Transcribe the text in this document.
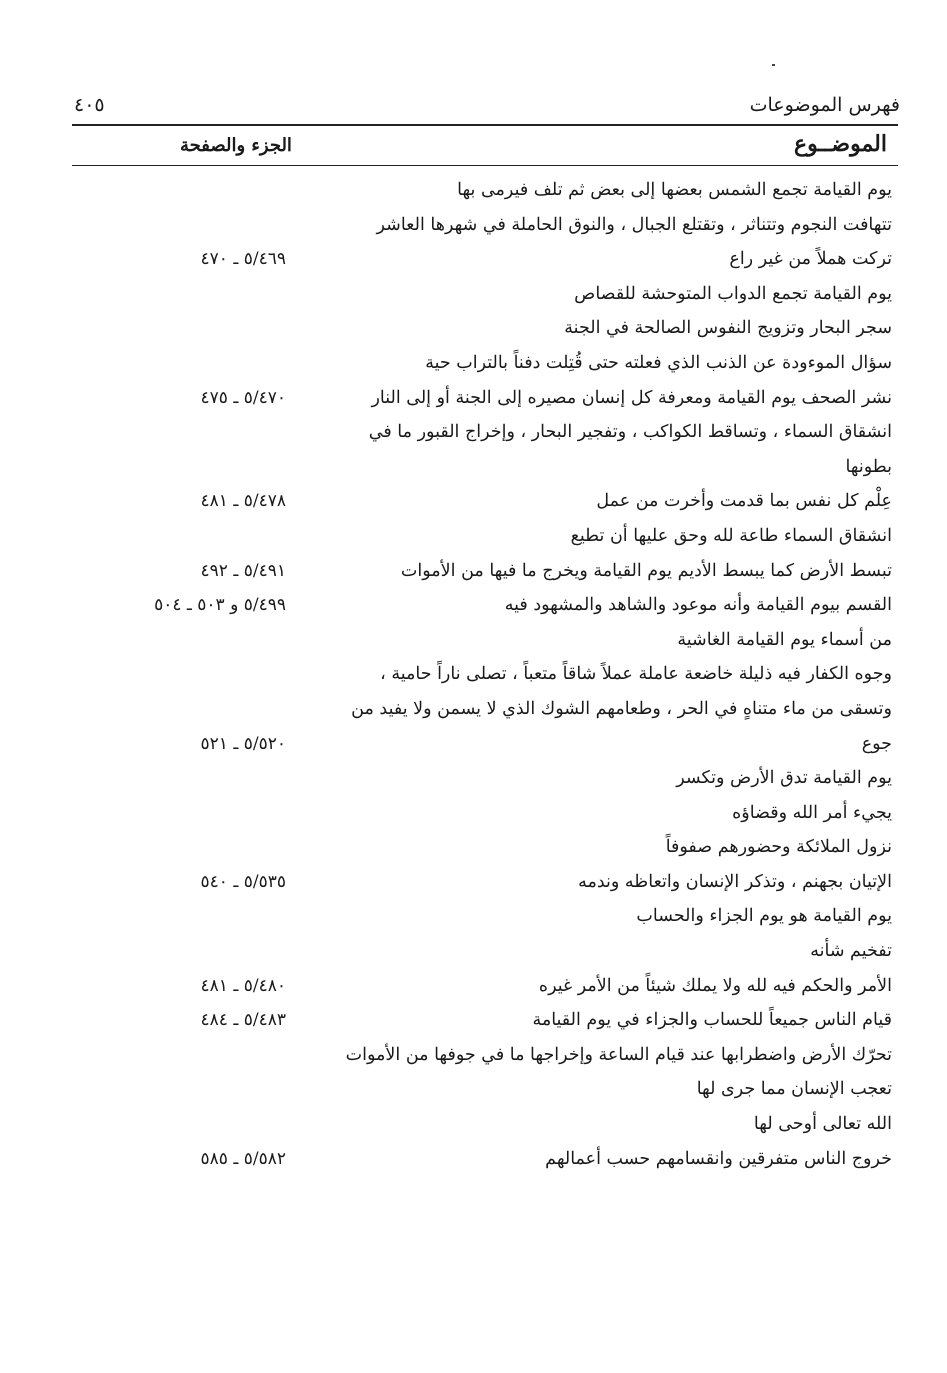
فهرس الموضوعات
٤٠٥
الموضــوع
الجزء والصفحة
يوم القيامة تجمع الشمس بعضها إلى بعض ثم تلف فيرمى بها
تتهافت النجوم وتتناثر ، وتقتلع الجبال ، والنوق الحاملة في شهرها العاشر
تركت هملاً من غير راع
٥/٤٦٩ ـ ٤٧٠
يوم القيامة تجمع الدواب المتوحشة للقصاص
سجر البحار وتزويج النفوس الصالحة في الجنة
سؤال الموءودة عن الذنب الذي فعلته حتى قُتِلت دفناً بالتراب حية
نشر الصحف يوم القيامة ومعرفة كل إنسان مصيره إلى الجنة أو إلى النار
٥/٤٧٠ ـ ٤٧٥
انشقاق السماء ، وتساقط الكواكب ، وتفجير البحار ، وإخراج القبور ما في
بطونها
عِلْم كل نفس بما قدمت وأخرت من عمل
٥/٤٧٨ ـ ٤٨١
انشقاق السماء طاعة لله وحق عليها أن تطيع
تبسط الأرض كما يبسط الأديم يوم القيامة ويخرج ما فيها من الأموات
٥/٤٩١ ـ ٤٩٢
القسم بيوم القيامة وأنه موعود والشاهد والمشهود فيه
٥/٤٩٩ و ٥٠٣ ـ ٥٠٤
من أسماء يوم القيامة الغاشية
وجوه الكفار فيه ذليلة خاضعة عاملة عملاً شاقاً متعباً ، تصلى ناراً حامية ،
وتسقى من ماء متناهٍ في الحر ، وطعامهم الشوك الذي لا يسمن ولا يفيد من
جوع
٥/٥٢٠ ـ ٥٢١
يوم القيامة تدق الأرض وتكسر
يجيء أمر الله وقضاؤه
نزول الملائكة وحضورهم صفوفاً
الإتيان بجهنم ، وتذكر الإنسان واتعاظه وندمه
٥/٥٣٥ ـ ٥٤٠
يوم القيامة هو يوم الجزاء والحساب
تفخيم شأنه
الأمر والحكم فيه لله ولا يملك شيئاً من الأمر غيره
٥/٤٨٠ ـ ٤٨١
قيام الناس جميعاً للحساب والجزاء في يوم القيامة
٥/٤٨٣ ـ ٤٨٤
تحرّك الأرض واضطرابها عند قيام الساعة وإخراجها ما في جوفها من الأموات
تعجب الإنسان مما جرى لها
الله تعالى أوحى لها
خروج الناس متفرقين وانقسامهم حسب أعمالهم
٥/٥٨٢ ـ ٥٨٥
